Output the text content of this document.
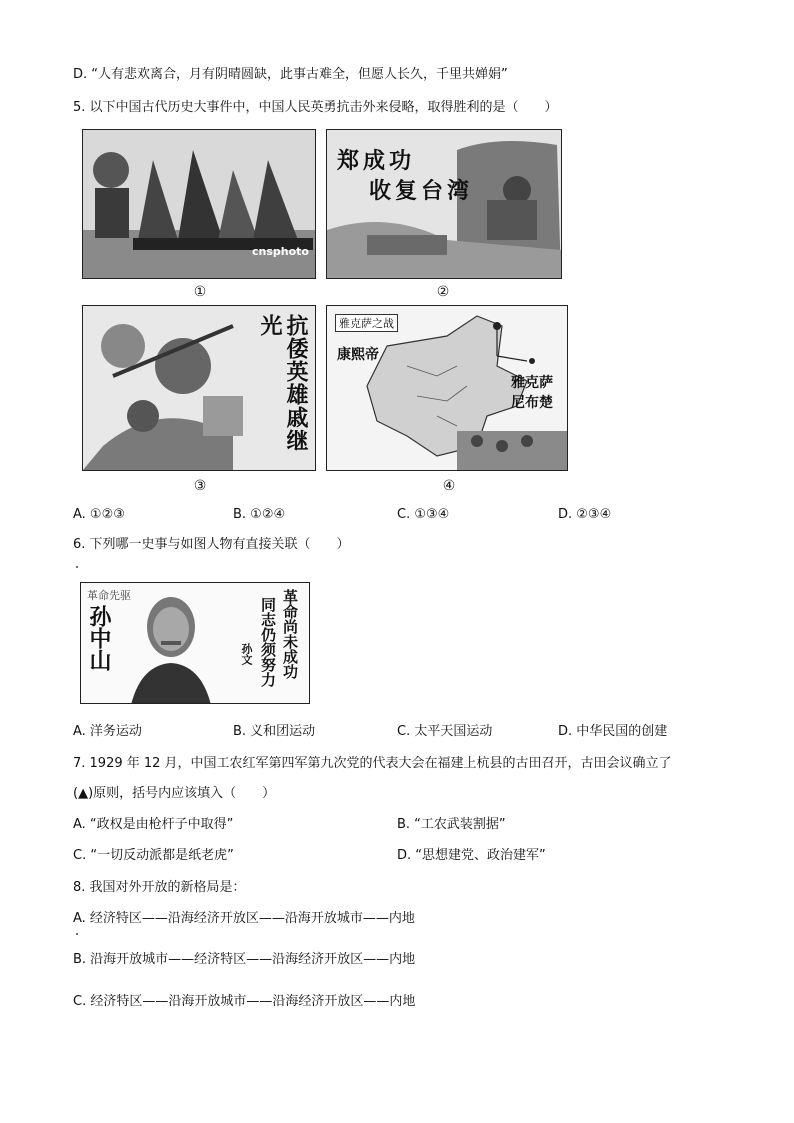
D. “人有悲欢离合，月有阴晴圆缺，此事古难全，但愿人长久，千里共婵娟”
5. 以下中国古代历史大事件中，中国人民英勇抗击外来侵略，取得胜利的是（　　）
cnsphoto
①
郑成功
收复台湾
②
抗倭英雄戚继光
③
雅克萨之战
康熙帝
雅克萨
尼布楚
④
A. ①②③	B. ①②④	C. ①③④	D. ②③④
6. 下列哪一史事与如图人物有直接关联（　　）
革命先驱
孙中山	革命尚未成功
同志仍须努力
孙文
A. 洋务运动	B. 义和团运动	C. 太平天国运动	D. 中华民国的创建
7. 1929 年 12 月，中国工农红军第四军第九次党的代表大会在福建上杭县的古田召开，古田会议确立了
(▲)原则，括号内应该填入（　　）
A. “政权是由枪杆子中取得”	B. “工农武装割据”
C. “一切反动派都是纸老虎”	D. “思想建党、政治建军”
8. 我国对外开放的新格局是：
A. 经济特区——沿海经济开放区——沿海开放城市——内地
B. 沿海开放城市——经济特区——沿海经济开放区——内地
C. 经济特区——沿海开放城市——沿海经济开放区——内地
